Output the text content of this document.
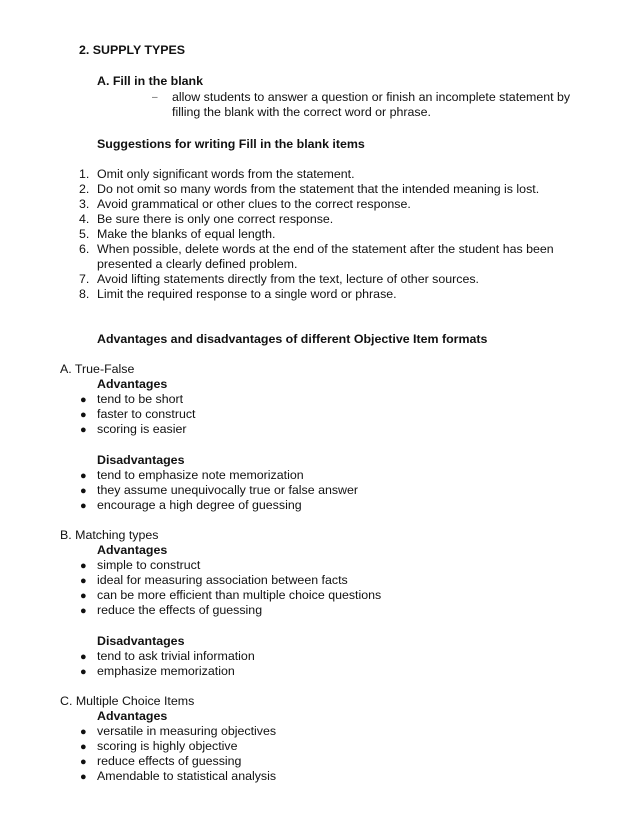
2. SUPPLY TYPES
A. Fill in the blank
– allow students to answer a question or finish an incomplete statement by filling the blank with the correct word or phrase.
Suggestions for writing Fill in the blank items
1. Omit only significant words from the statement.
2. Do not omit so many words from the statement that the intended meaning is lost.
3. Avoid grammatical or other clues to the correct response.
4. Be sure there is only one correct response.
5. Make the blanks of equal length.
6. When possible, delete words at the end of the statement after the student has been presented a clearly defined problem.
7. Avoid lifting statements directly from the text, lecture of other sources.
8. Limit the required response to a single word or phrase.
Advantages and disadvantages of different Objective Item formats
A. True-False
Advantages
● tend to be short
● faster to construct
● scoring is easier
Disadvantages
● tend to emphasize note memorization
● they assume unequivocally true or false answer
● encourage a high degree of guessing
B. Matching types
Advantages
● simple to construct
● ideal for measuring association between facts
● can be more efficient than multiple choice questions
● reduce the effects of guessing
Disadvantages
● tend to ask trivial information
● emphasize memorization
C. Multiple Choice Items
Advantages
● versatile in measuring objectives
● scoring is highly objective
● reduce effects of guessing
● Amendable to statistical analysis
